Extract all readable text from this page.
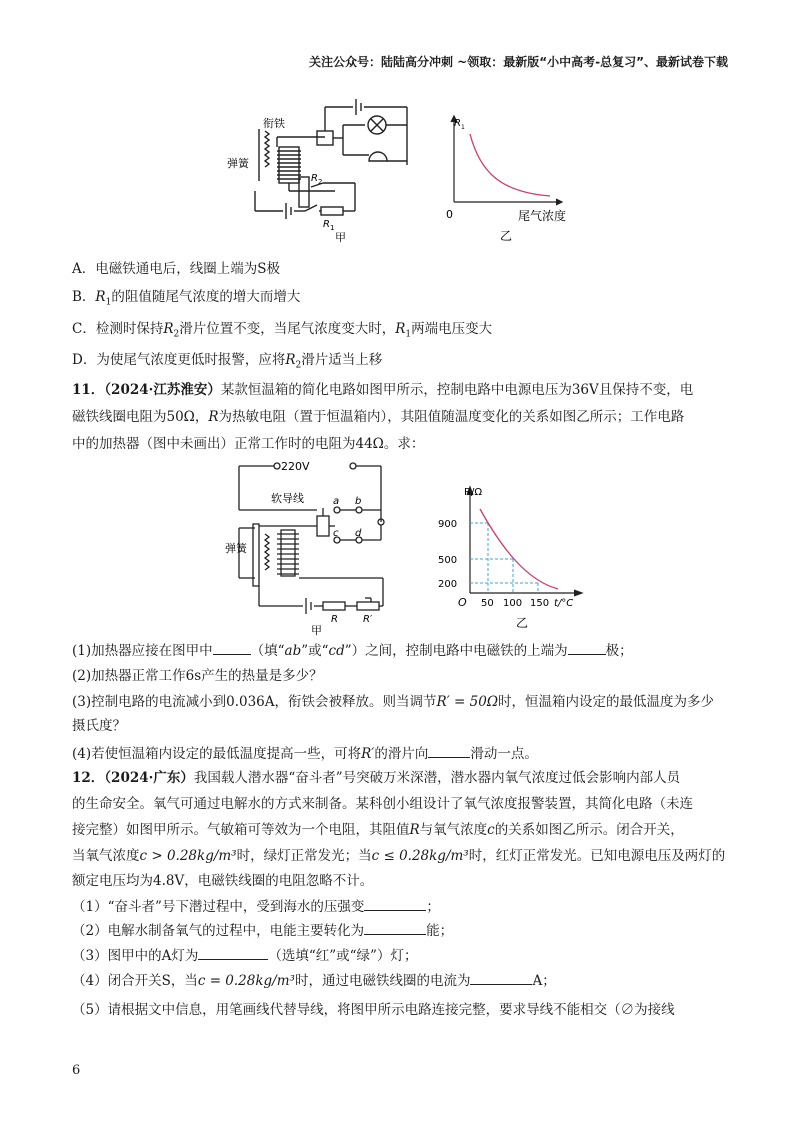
关注公众号：陆陆高分冲刺 ~领取：最新版“小中高考-总复习”、最新试卷下载
衔铁
弹簧
R 2
R 1
甲
R 1
0	尾气浓度
乙
A．电磁铁通电后，线圈上端为S极
B．$R_1$的阻值随尾气浓度的增大而增大
C．检测时保持$R_2$滑片位置不变，当尾气浓度变大时，$R_1$两端电压变大
D．为使尾气浓度更低时报警，应将$R_2$滑片适当上移
11．（2024·江苏淮安）某款恒温箱的简化电路如图甲所示，控制电路中电源电压为36V且保持不变，电
磁铁线圈电阻为50Ω，R为热敏电阻（置于恒温箱内），其阻值随温度变化的关系如图乙所示；工作电路
中的加热器（图中未画出）正常工作时的电阻为44Ω。求：
220V
软导线	a b
c d
弹簧
R	R′
甲
R/Ω
900
500
200
O 50 100 150 t/°C
乙
(1)加热器应接在图甲中	（填“ab”或“cd”）之间，控制电路中电磁铁的上端为	极；
(2)加热器正常工作6s产生的热量是多少？
(3)控制电路的电流减小到0.036A，衔铁会被释放。则当调节R′ = 50Ω时，恒温箱内设定的最低温度为多少
摄氏度？
(4)若使恒温箱内设定的最低温度提高一些，可将R′的滑片向	滑动一点。
12．（2024·广东）我国载人潜水器“奋斗者”号突破万米深潜，潜水器内氧气浓度过低会影响内部人员
的生命安全。氧气可通过电解水的方式来制备。某科创小组设计了氧气浓度报警装置，其简化电路（未连
接完整）如图甲所示。气敏箱可等效为一个电阻，其阻值R与氧气浓度c的关系如图乙所示。闭合开关，
当氧气浓度c > 0.28kg/m³时，绿灯正常发光；当c ≤ 0.28kg/m³时，红灯正常发光。已知电源电压及两灯的
额定电压均为4.8V，电磁铁线圈的电阻忽略不计。
（1）“奋斗者”号下潜过程中，受到海水的压强变	；
（2）电解水制备氧气的过程中，电能主要转化为	能；
（3）图甲中的A灯为	（选填“红”或“绿”）灯；
（4）闭合开关S，当c = 0.28kg/m³时，通过电磁铁线圈的电流为	A；
（5）请根据文中信息，用笔画线代替导线，将图甲所示电路连接完整，要求导线不能相交（∅为接线
6
